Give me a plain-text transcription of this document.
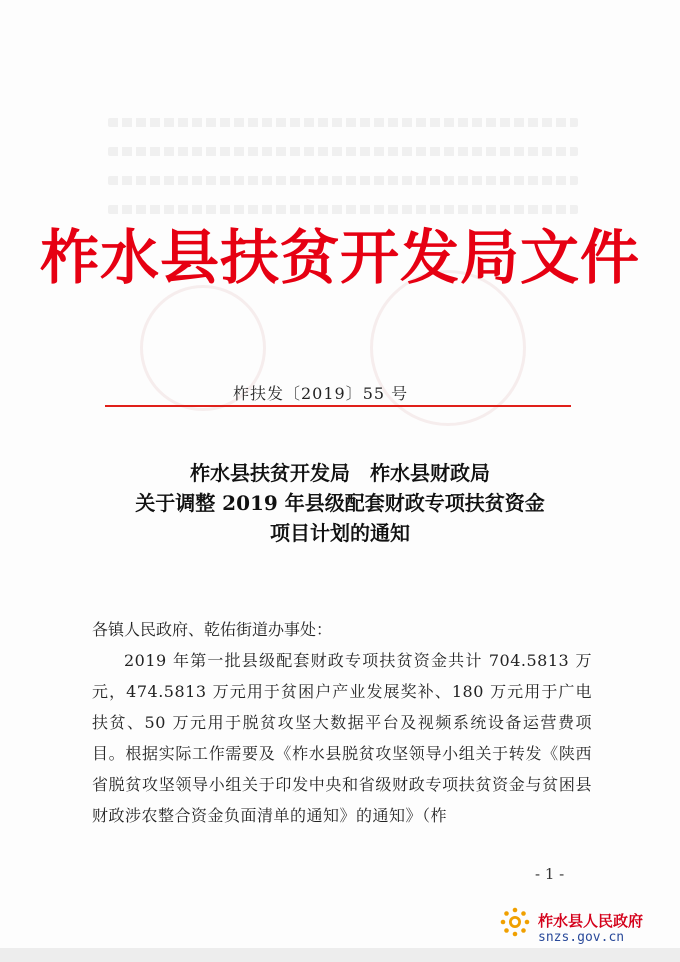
柞水县扶贫开发局文件
柞扶发〔2019〕55 号
柞水县扶贫开发局　柞水县财政局
关于调整 2019 年县级配套财政专项扶贫资金
项目计划的通知
各镇人民政府、乾佑街道办事处：
2019 年第一批县级配套财政专项扶贫资金共计 704.5813 万元，474.5813 万元用于贫困户产业发展奖补、180 万元用于广电扶贫、50 万元用于脱贫攻坚大数据平台及视频系统设备运营费项目。根据实际工作需要及《柞水县脱贫攻坚领导小组关于转发《陕西省脱贫攻坚领导小组关于印发中央和省级财政专项扶贫资金与贫困县财政涉农整合资金负面清单的通知》的通知》（柞
- 1 -
柞水县人民政府
snzs.gov.cn
